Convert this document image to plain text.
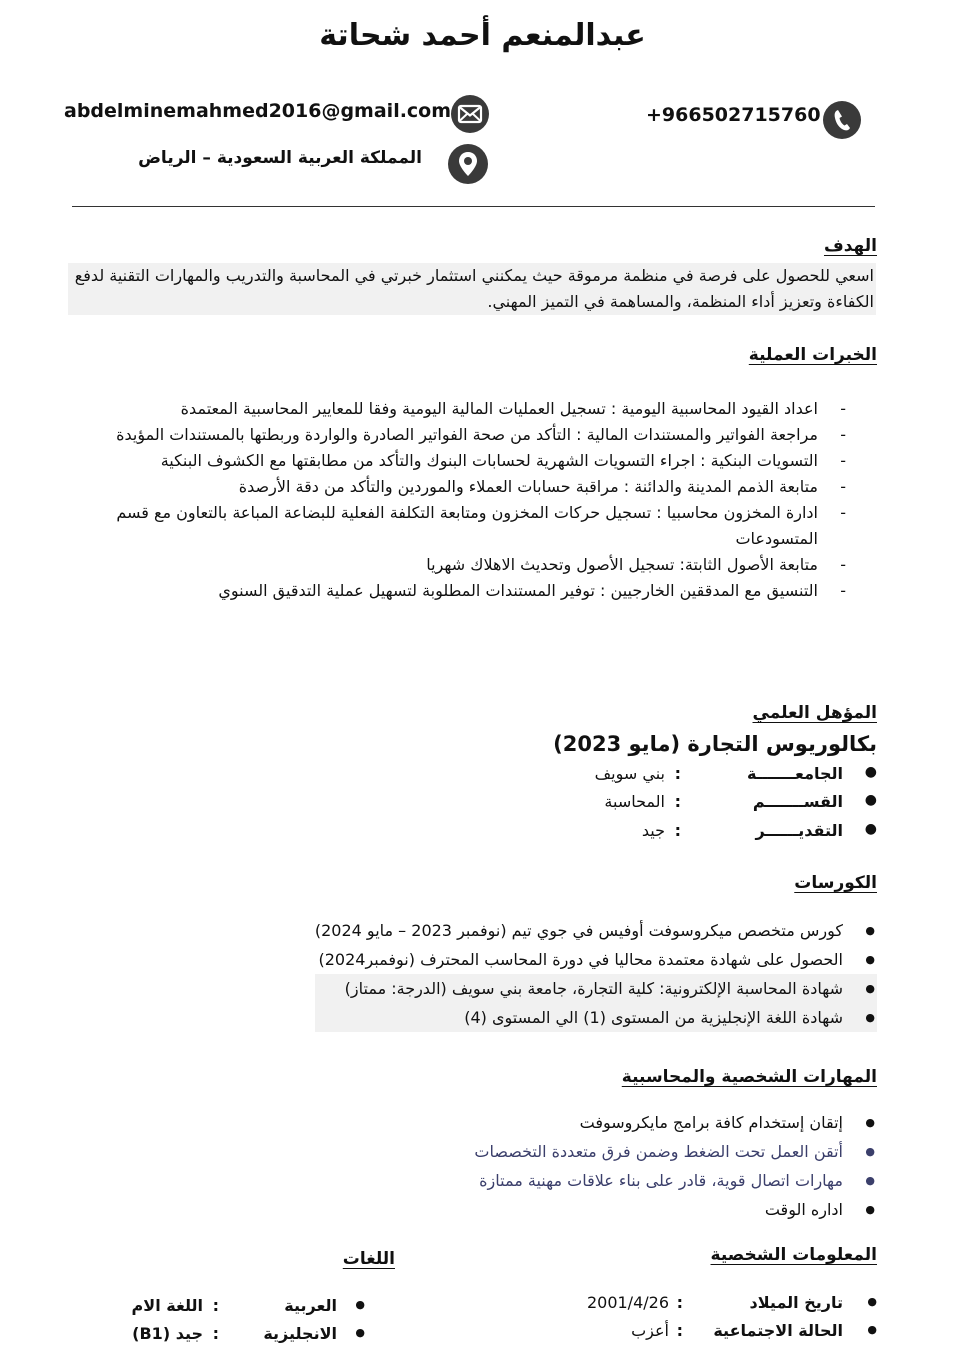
عبدالمنعم أحمد شحاتة
abdelminemahmed2016@gmail.com	+966502715760
المملكة العربية السعودية – الرياض
الهدف
اسعي للحصول على فرصة في منظمة مرموقة حيث يمكنني استثمار خبرتي في المحاسبة والتدريب والمهارات التقنية لدفع الكفاءة وتعزيز أداء المنظمة، والمساهمة في التميز المهني.
الخبرات العملية
- اعداد القيود المحاسبية اليومية : تسجيل العمليات المالية اليومية وفقا للمعايير المحاسبية المعتمدة
- مراجعة الفواتير والمستندات المالية : التأكد من صحة الفواتير الصادرة والواردة وربطتها بالمستندات المؤيدة
- التسويات البنكية : اجراء التسويات الشهرية لحسابات البنوك والتأكد من مطابقتها مع الكشوف البنكية
- متابعة الذمم المدينة والدائنة : مراقبة حسابات العملاء والموردين والتأكد من دقة الأرصدة
- ادارة المخزون محاسبيا : تسجيل حركات المخزون ومتابعة التكلفة الفعلية للبضاعة المباعة بالتعاون مع قسم المتسودعات
- متابعة الأصول الثابتة: تسجيل الأصول وتحديث الاهلاك شهريا
- التنسيق مع المدققين الخارجيين : توفير المستندات المطلوبة لتسهيل عملية التدقيق السنوي
المؤهل العلمي
بكالوريوس التجارة (مايو 2023)
●
الجامعـــــــة
:
بني سويف
●
القســـــــم
:
المحاسبة
●
التقديــــــر
:
جيد
الكورسات
● كورس متخصص ميكروسوفت أوفيس في جوي تيم (نوفمبر 2023 – مايو 2024)
● الحصول على شهادة معتمدة محاليا في دورة المحاسب المحترف (نوفمبر2024)
● شهادة المحاسبة الإلكترونية: كلية التجارة، جامعة بني سويف (الدرجة: ممتاز)
● شهادة اللغة الإنجليزية من المستوى (1) الي المستوى (4)
المهارات الشخصية والمحاسبية
● إتقان إستخدام كافة برامج مايكروسوفت
● أتقن العمل تحت الضغط وضمن فرق متعددة التخصصات
● مهارات اتصال قوية، قادر على بناء علاقات مهنية ممتازة
● اداره الوقت
المعلومات الشخصية
●
تاريخ الميلاد
:
2001/4/26
●
الحالة الاجتماعية
:
أعزب
اللغات
●
العربية
:
اللغة الام
●
الانجليزية
:
جيد (B1)
